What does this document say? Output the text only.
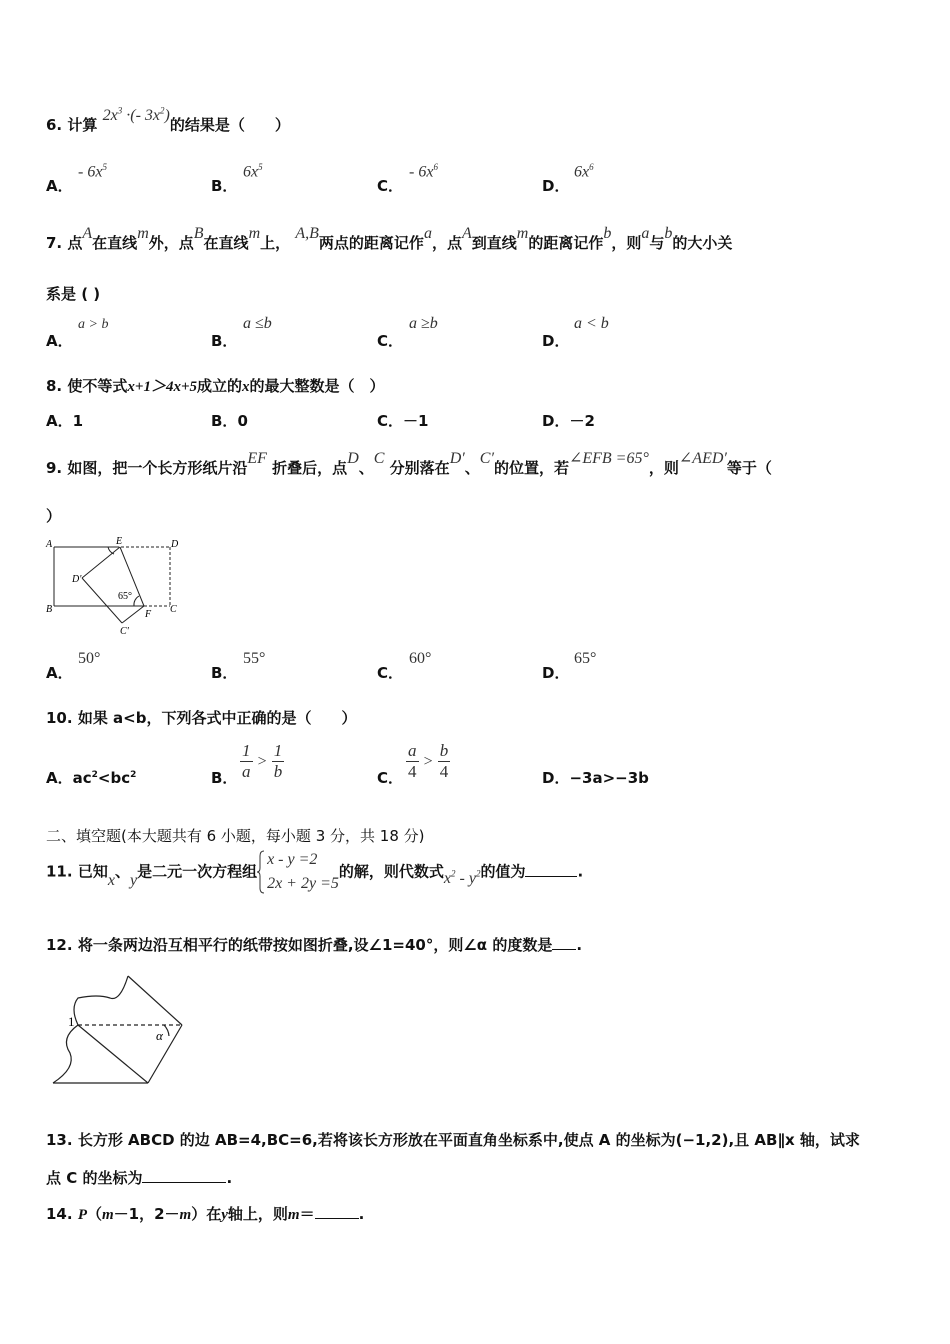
6. 计算 $2x^3$ ·(- $3x^2$)的结果是（　　）
A．
- $6x^5$
B．
$6x^5$
C．
- $6x^6$
D．
$6x^6$
7. 点A在直线m外，点B在直线m上， A,B两点的距离记作a，点A到直线m的距离记作b，则a与b的大小关
系是 ( )
A．
a > b
B．
a ≤b
C．
a ≥b
D．
a < b
8. 使不等式x+1＞4x+5成立的x的最大整数是（　）
A．1	B．0	C．－1	D．－2
9. 如图，把一个长方形纸片沿EF 折叠后，点D、C 分别落在D′、C′的位置，若∠EFB =65°，则∠AED′等于（
）
A	E	D
D'
B	F C
C'
65°
A．
50°
B．
55°
C．
60°
D．
65°
10. 如果 a<b，下列各式中正确的是（　　）
A．$ac^2<bc^2$	B． $\frac{1}{a} > \frac{1}{b}$	C． $\frac{a}{4} > \frac{b}{4}$	D．−3a>−3b
二、填空题(本大题共有 6 小题，每小题 3 分，共 18 分)
11. 已知x、y是二元一次方程组
x - y =2
2x + 2y =5
的解，则代数式$x^2 - y^2$的值为	.
12. 将一条两边沿互相平行的纸带按如图折叠,设∠1=40°，则∠α 的度数是 .
1
α
13. 长方形 ABCD 的边 AB=4,BC=6,若将该长方形放在平面直角坐标系中,使点 A 的坐标为(−1,2),且 AB∥x 轴，试求
点 C 的坐标为	.
14. P（m－1，2－m）在y轴上，则m＝	.
